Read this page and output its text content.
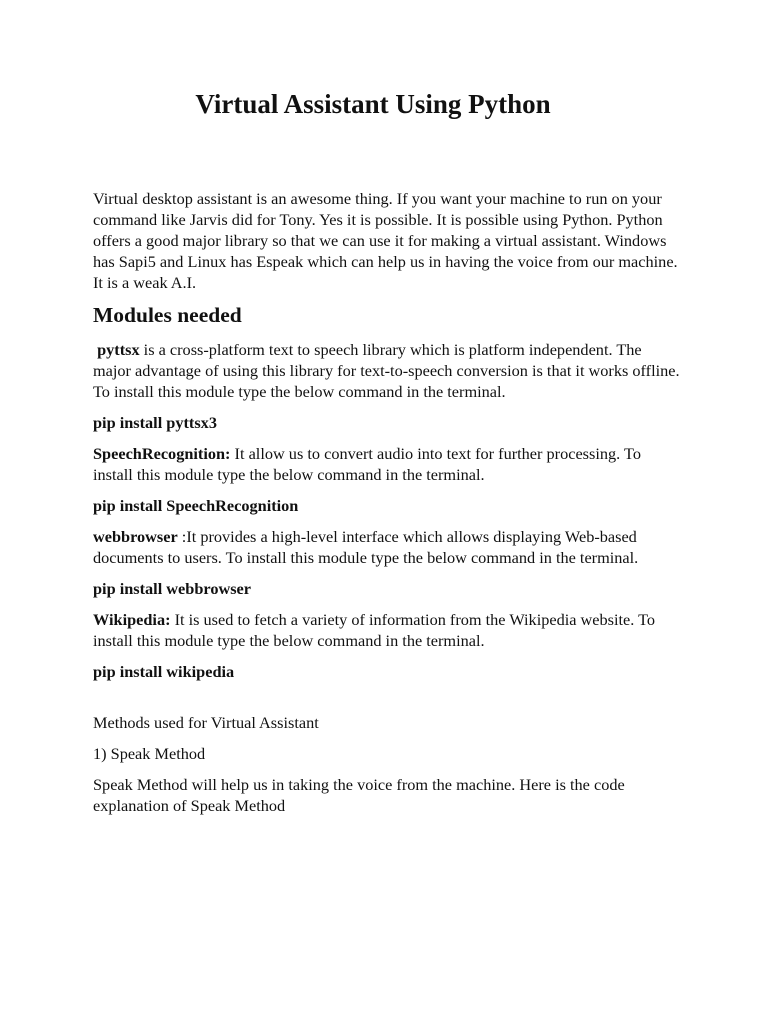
Virtual Assistant Using Python

Virtual desktop assistant is an awesome thing. If you want your machine to run on your command like Jarvis did for Tony. Yes it is possible. It is possible using Python. Python offers a good major library so that we can use it for making a virtual assistant. Windows has Sapi5 and Linux has Espeak which can help us in having the voice from our machine. It is a weak A.I.

Modules needed

pyttsx is a cross-platform text to speech library which is platform independent. The major advantage of using this library for text-to-speech conversion is that it works offline. To install this module type the below command in the terminal.

pip install pyttsx3

SpeechRecognition: It allow us to convert audio into text for further processing. To install this module type the below command in the terminal.

pip install SpeechRecognition

webbrowser :It provides a high-level interface which allows displaying Web-based documents to users. To install this module type the below command in the terminal.

pip install webbrowser

Wikipedia: It is used to fetch a variety of information from the Wikipedia website. To install this module type the below command in the terminal.

pip install wikipedia

Methods used for Virtual Assistant

1) Speak Method

Speak Method will help us in taking the voice from the machine. Here is the code explanation of Speak Method
